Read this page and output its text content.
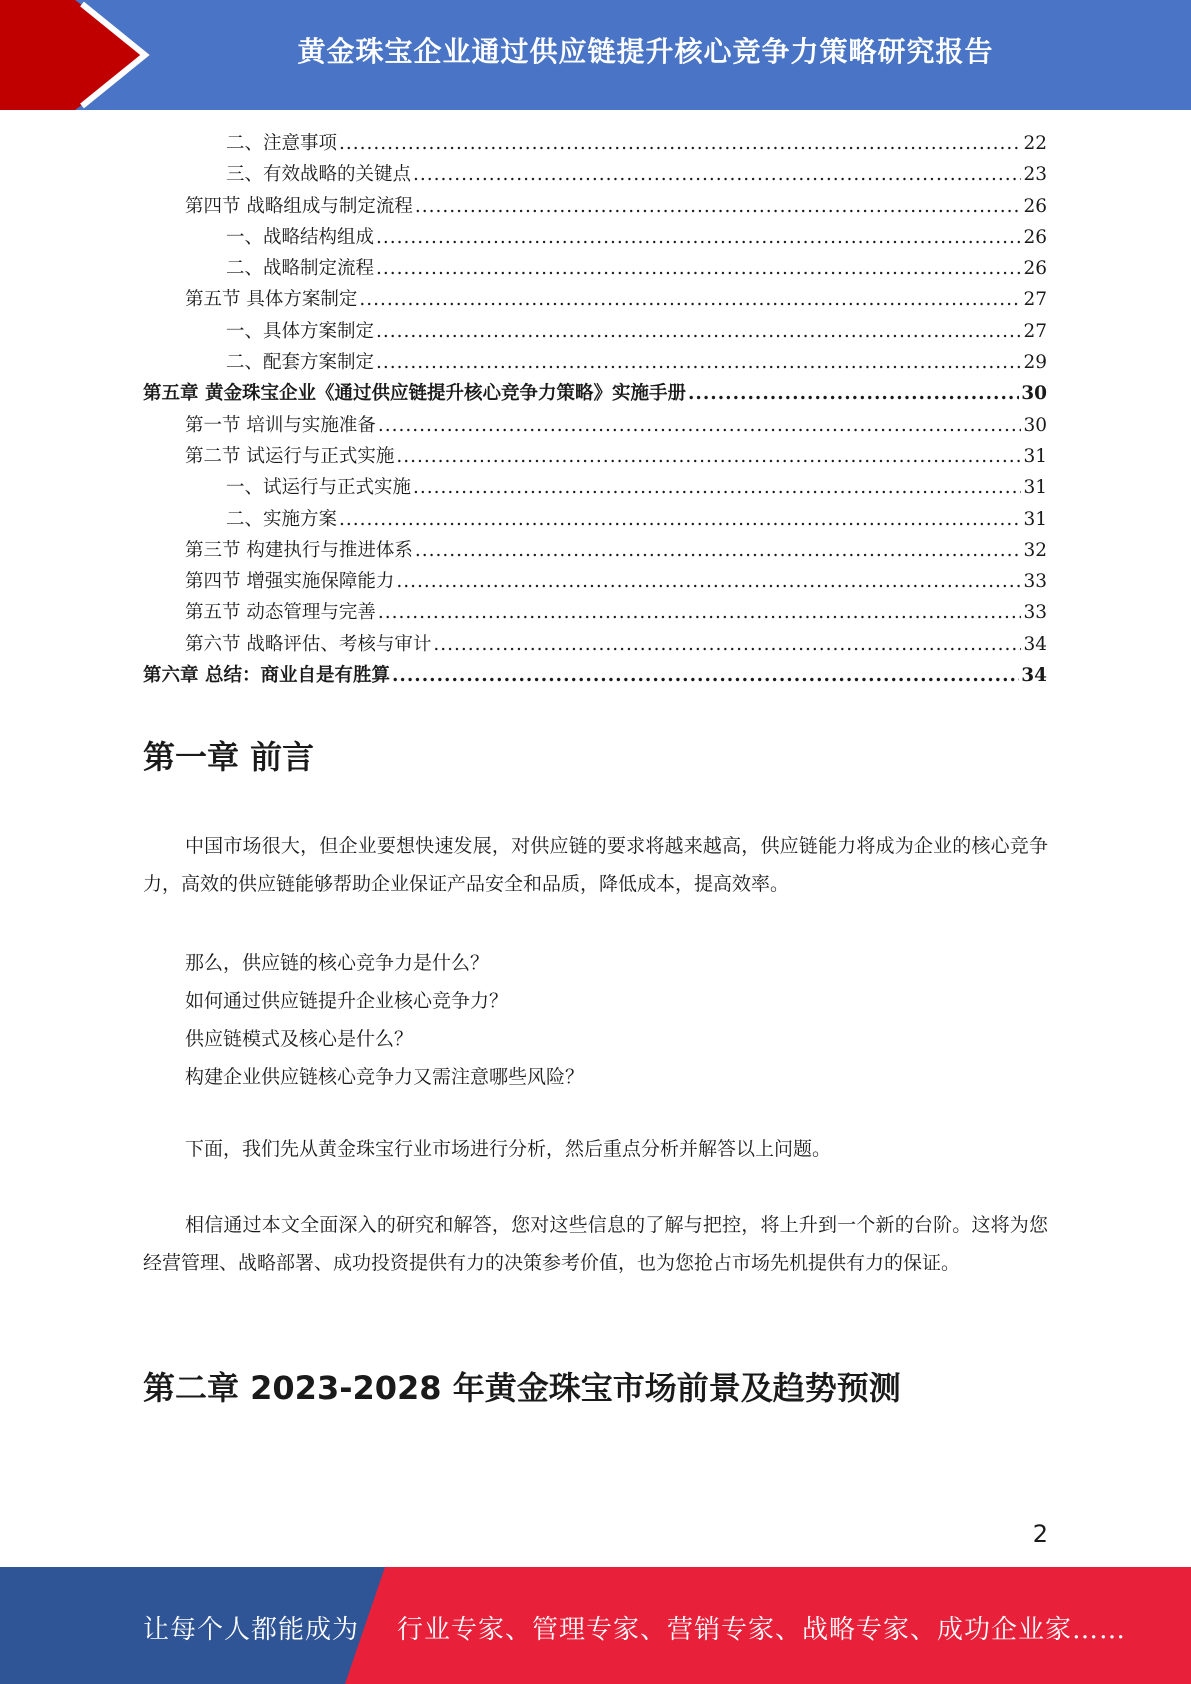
黄金珠宝企业通过供应链提升核心竞争力策略研究报告
二、注意事项 .....	22
三、有效战略的关键点 .....	23
第四节 战略组成与制定流程 .....	26
一、战略结构组成 .....	26
二、战略制定流程 .....	26
第五节 具体方案制定 .....	27
一、具体方案制定 .....	27
二、配套方案制定 .....	29
第五章 黄金珠宝企业《通过供应链提升核心竞争力策略》实施手册 .....	30
第一节 培训与实施准备 .....	30
第二节 试运行与正式实施 .....	31
一、试运行与正式实施 .....	31
二、实施方案 .....	31
第三节 构建执行与推进体系 .....	32
第四节 增强实施保障能力 .....	33
第五节 动态管理与完善 .....	33
第六节 战略评估、考核与审计 .....	34
第六章 总结：商业自是有胜算 .....	34
第一章 前言

中国市场很大，但企业要想快速发展，对供应链的要求将越来越高，供应链能力将成为企业的核心竞争力，高效的供应链能够帮助企业保证产品安全和品质，降低成本，提高效率。

那么，供应链的核心竞争力是什么？

如何通过供应链提升企业核心竞争力？

供应链模式及核心是什么？

构建企业供应链核心竞争力又需注意哪些风险？

下面，我们先从黄金珠宝行业市场进行分析，然后重点分析并解答以上问题。

相信通过本文全面深入的研究和解答，您对这些信息的了解与把控，将上升到一个新的台阶。这将为您经营管理、战略部署、成功投资提供有力的决策参考价值，也为您抢占市场先机提供有力的保证。

第二章 2023-2028 年黄金珠宝市场前景及趋势预测
2
让每个人都能成为 行业专家、管理专家、营销专家、战略专家、成功企业家……
